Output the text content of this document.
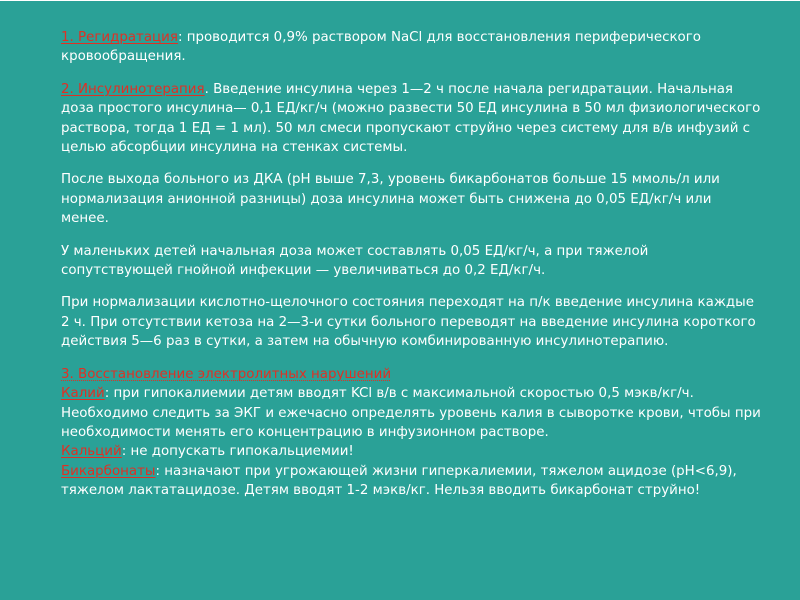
1. Регидратация: проводится 0,9% раствором NaCl для восстановления периферического кровообращения.

2. Инсулинотерапия. Введение инсулина через 1—2 ч после начала регидратации. Начальная доза простого инсулина— 0,1 ЕД/кг/ч (можно развести 50 ЕД инсулина в 50 мл физиологического раствора, тогда 1 ЕД = 1 мл). 50 мл смеси пропускают струйно через систему для в/в инфузий с целью абсорбции инсулина на стенках системы.

После выхода больного из ДКА (pH выше 7,3, уровень бикарбонатов больше 15 ммоль/л или нормализация анионной разницы) доза инсулина может быть снижена до 0,05 ЕД/кг/ч или менее.

У маленьких детей начальная доза может составлять 0,05 ЕД/кг/ч, а при тяжелой сопутствующей гнойной инфекции — увеличиваться до 0,2 ЕД/кг/ч.

При нормализации кислотно-щелочного состояния переходят на п/к введение инсулина каждые 2 ч. При отсутствии кетоза на 2—3-и сутки больного переводят на введение инсулина короткого действия 5—6 раз в сутки, а затем на обычную комбинированную инсулинотерапию.

3. Восстановление электролитных нарушений

Калий: при гипокалиемии детям вводят KCl в/в с максимальной скоростью 0,5 мэкв/кг/ч. Необходимо следить за ЭКГ и ежечасно определять уровень калия в сыворотке крови, чтобы при необходимости менять его концентрацию в инфузионном растворе.

Кальций: не допускать гипокальциемии!

Бикарбонаты: назначают при угрожающей жизни гиперкалиемии, тяжелом ацидозе (pH<6,9), тяжелом лактатацидозе. Детям вводят 1-2 мэкв/кг. Нельзя вводить бикарбонат струйно!
